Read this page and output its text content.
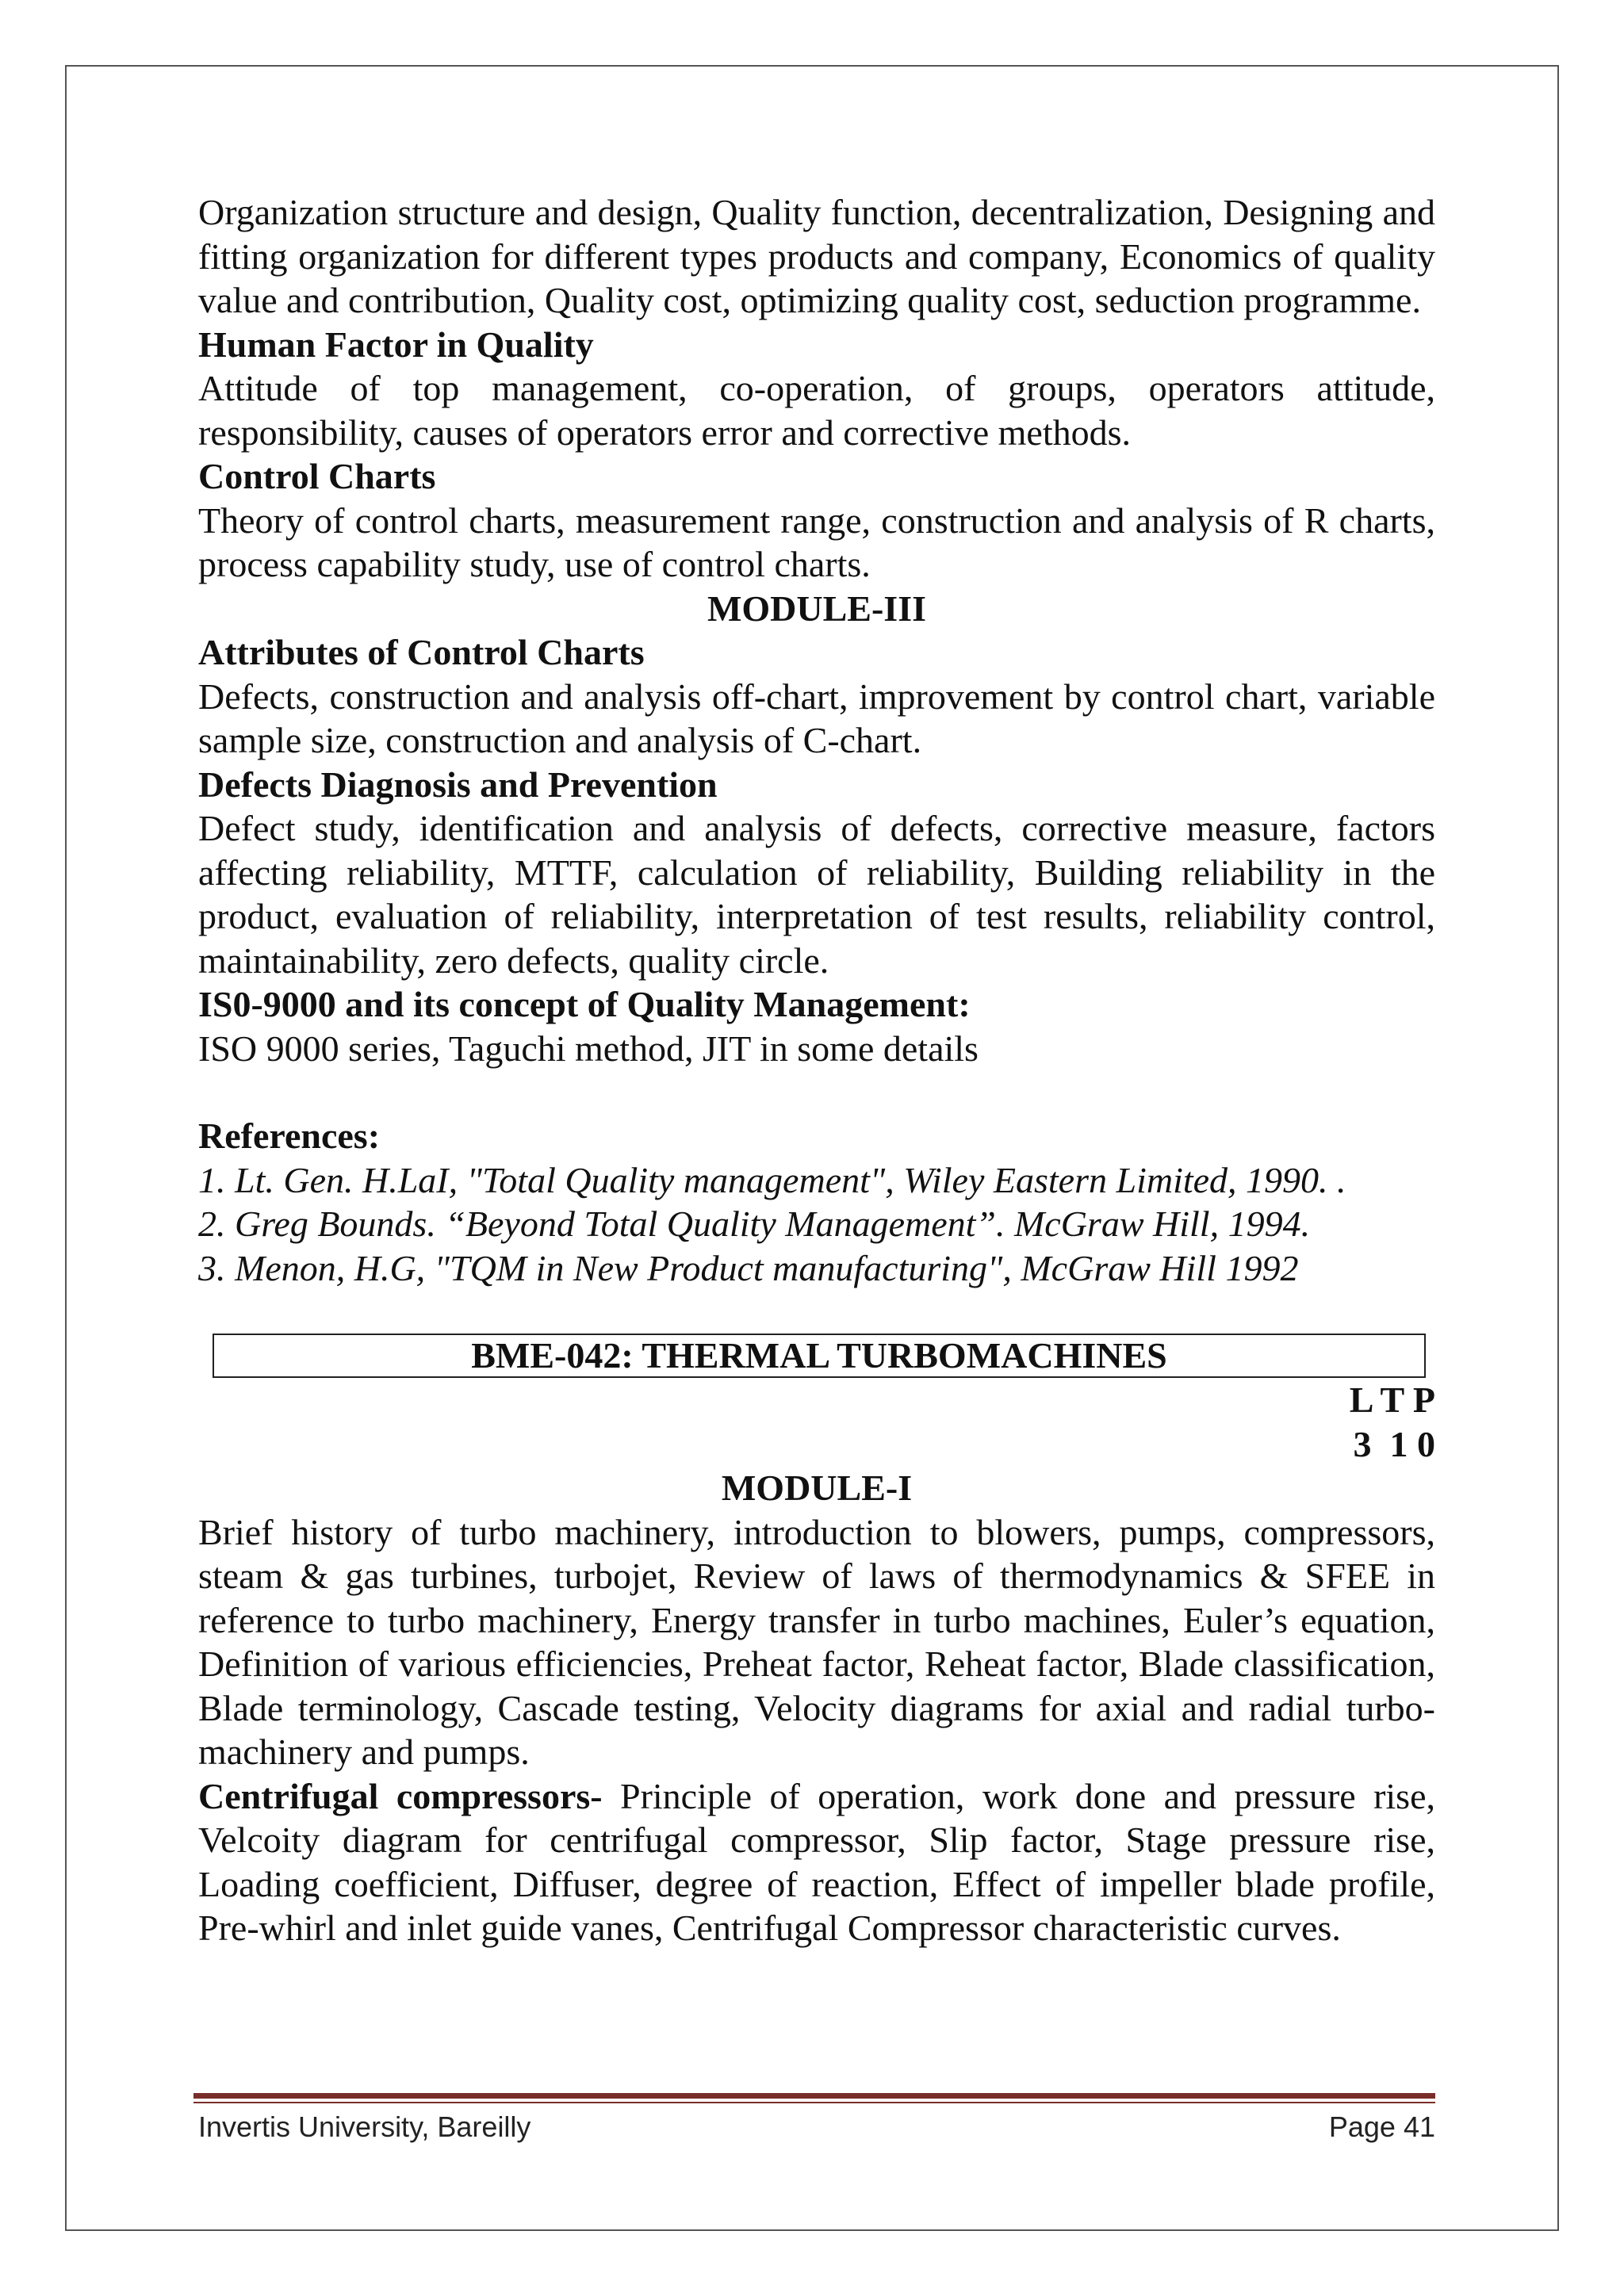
Organization structure and design, Quality function, decentralization, Designing and fitting organization for different types products and company, Economics of quality value and contribution, Quality cost, optimizing quality cost, seduction programme.

Human Factor in Quality

Attitude of top management, co-operation, of groups, operators attitude, responsibility, causes of operators error and corrective methods.

Control Charts

Theory of control charts, measurement range, construction and analysis of R charts, process capability study, use of control charts.

MODULE-III

Attributes of Control Charts

Defects, construction and analysis off-chart, improvement by control chart, variable sample size, construction and analysis of C-chart.

Defects Diagnosis and Prevention

Defect study, identification and analysis of defects, corrective measure, factors affecting reliability, MTTF, calculation of reliability, Building reliability in the product, evaluation of reliability, interpretation of test results, reliability control, maintainability, zero defects, quality circle.

IS0-9000 and its concept of Quality Management:

ISO 9000 series, Taguchi method, JIT in some details

References:

1. Lt. Gen. H.LaI, "Total Quality management", Wiley Eastern Limited, 1990. .

2. Greg Bounds. “Beyond Total Quality Management”. McGraw Hill, 1994.

3. Menon, H.G, "TQM in New Product manufacturing", McGraw Hill 1992

BME-042: THERMAL TURBOMACHINES

L T P

3  1 0

MODULE-I

Brief history of turbo machinery, introduction to blowers, pumps, compressors, steam & gas turbines, turbojet, Review of laws of thermodynamics & SFEE in reference to turbo machinery, Energy transfer in turbo machines, Euler’s equation, Definition of various efficiencies, Preheat factor, Reheat factor, Blade classification, Blade terminology, Cascade testing, Velocity diagrams for axial and radial turbo-machinery and pumps.

Centrifugal compressors- Principle of operation, work done and pressure rise, Velcoity diagram for centrifugal compressor, Slip factor, Stage pressure rise, Loading coefficient, Diffuser, degree of reaction, Effect of impeller blade profile, Pre-whirl and inlet guide vanes, Centrifugal Compressor characteristic curves.

Invertis University, Bareilly	Page 41
